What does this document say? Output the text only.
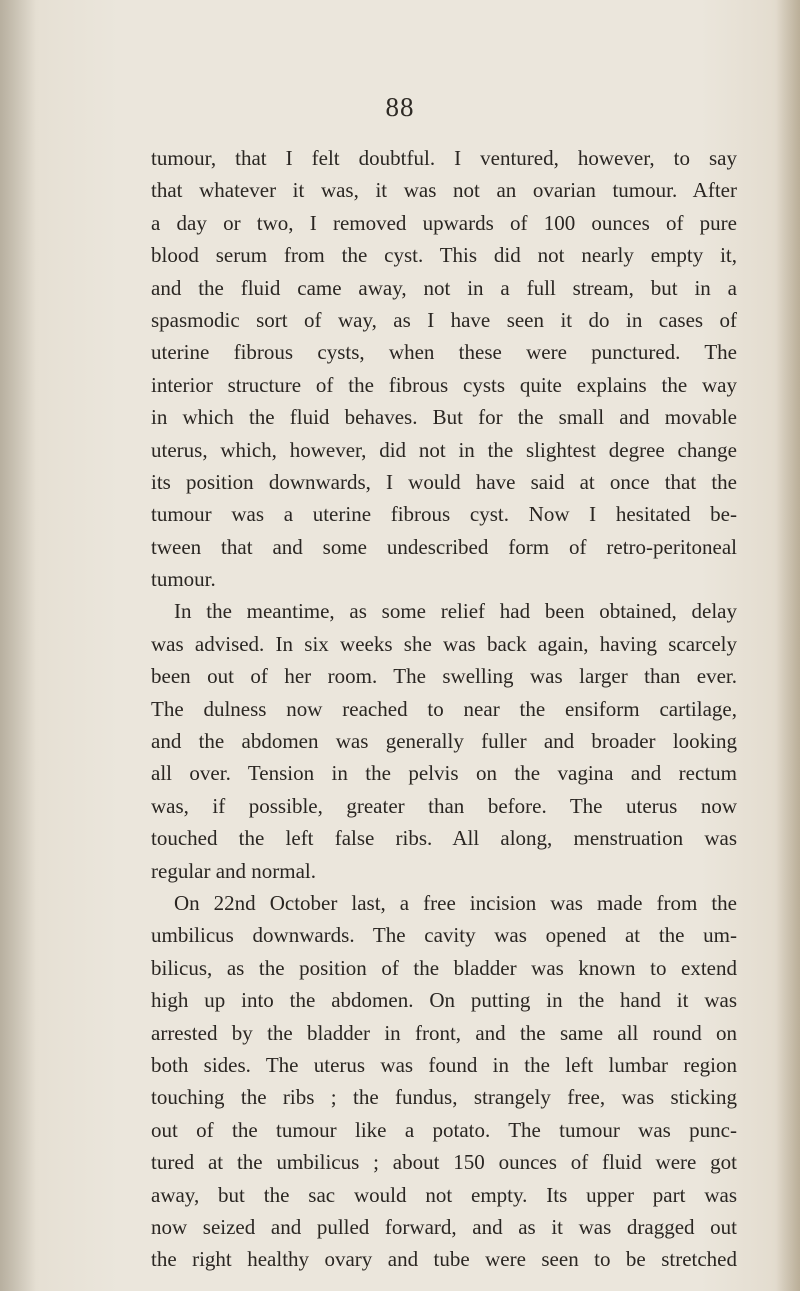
88
tumour, that I felt doubtful. I ventured, however, to say
that whatever it was, it was not an ovarian tumour. After
a day or two, I removed upwards of 100 ounces of pure
blood serum from the cyst. This did not nearly empty it,
and the fluid came away, not in a full stream, but in a
spasmodic sort of way, as I have seen it do in cases of
uterine fibrous cysts, when these were punctured. The
interior structure of the fibrous cysts quite explains the way
in which the fluid behaves. But for the small and movable
uterus, which, however, did not in the slightest degree change
its position downwards, I would have said at once that the
tumour was a uterine fibrous cyst. Now I hesitated be-
tween that and some undescribed form of retro-peritoneal
tumour.
In the meantime, as some relief had been obtained, delay
was advised. In six weeks she was back again, having scarcely
been out of her room. The swelling was larger than ever.
The dulness now reached to near the ensiform cartilage,
and the abdomen was generally fuller and broader looking
all over. Tension in the pelvis on the vagina and rectum
was, if possible, greater than before. The uterus now
touched the left false ribs. All along, menstruation was
regular and normal.
On 22nd October last, a free incision was made from the
umbilicus downwards. The cavity was opened at the um-
bilicus, as the position of the bladder was known to extend
high up into the abdomen. On putting in the hand it was
arrested by the bladder in front, and the same all round on
both sides. The uterus was found in the left lumbar region
touching the ribs ; the fundus, strangely free, was sticking
out of the tumour like a potato. The tumour was punc-
tured at the umbilicus ; about 150 ounces of fluid were got
away, but the sac would not empty. Its upper part was
now seized and pulled forward, and as it was dragged out
the right healthy ovary and tube were seen to be stretched
